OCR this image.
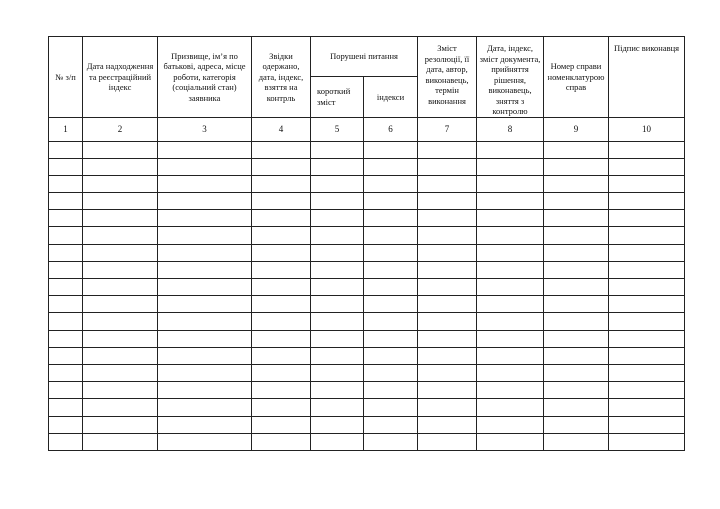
№ з/п	Дата надходження та реєстраційний індекс	Призвище, ім’я по батькові, адреса, місце роботи, категорія (соціальний стан) заявника	Звідки одержано, дата, індекс, взяття на контрль	Порушені питання		Зміст резолюції, її дата, автор, виконавець, термін виконання	Дата, індекс, зміст документа, прийняття рішення, виконавець, зняття з контролю	Номер справи номенклатурою справ	Підпис виконавця
				короткий зміст	індекси				
1	2	3	4	5	6	7	8	9	10
